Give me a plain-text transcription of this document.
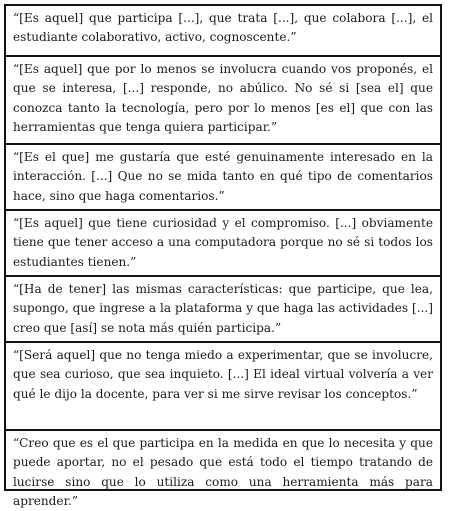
“[Es aquel] que participa [...], que trata [...], que colabora [...], el estudiante colaborativo, activo, cognoscente.”
“[Es aquel] que por lo menos se involucra cuando vos proponés, el que se interesa, [...] responde, no abúlico. No sé si [sea el] que conozca tanto la tecnología, pero por lo menos [es el] que con las herramientas que tenga quiera participar.”
“[Es el que] me gustaría que esté genuinamente interesado en la interacción. [...] Que no se mida tanto en qué tipo de comentarios hace, sino que haga comentarios.”
“[Es aquel] que tiene curiosidad y el compromiso. [...] obviamente tiene que tener acceso a una computadora porque no sé si todos los estudiantes tienen.”
“[Ha de tener] las mismas características: que participe, que lea, supongo, que ingrese a la plataforma y que haga las actividades [...] creo que [así] se nota más quién participa.”
“[Será aquel] que no tenga miedo a experimentar, que se involucre, que sea curioso, que sea inquieto. [...] El ideal virtual volvería a ver qué le dijo la docente, para ver si me sirve revisar los conceptos.”
“Creo que es el que participa en la medida en que lo necesita y que puede aportar, no el pesado que está todo el tiempo tratando de lucirse sino que lo utiliza como una herramienta más para aprender.”
